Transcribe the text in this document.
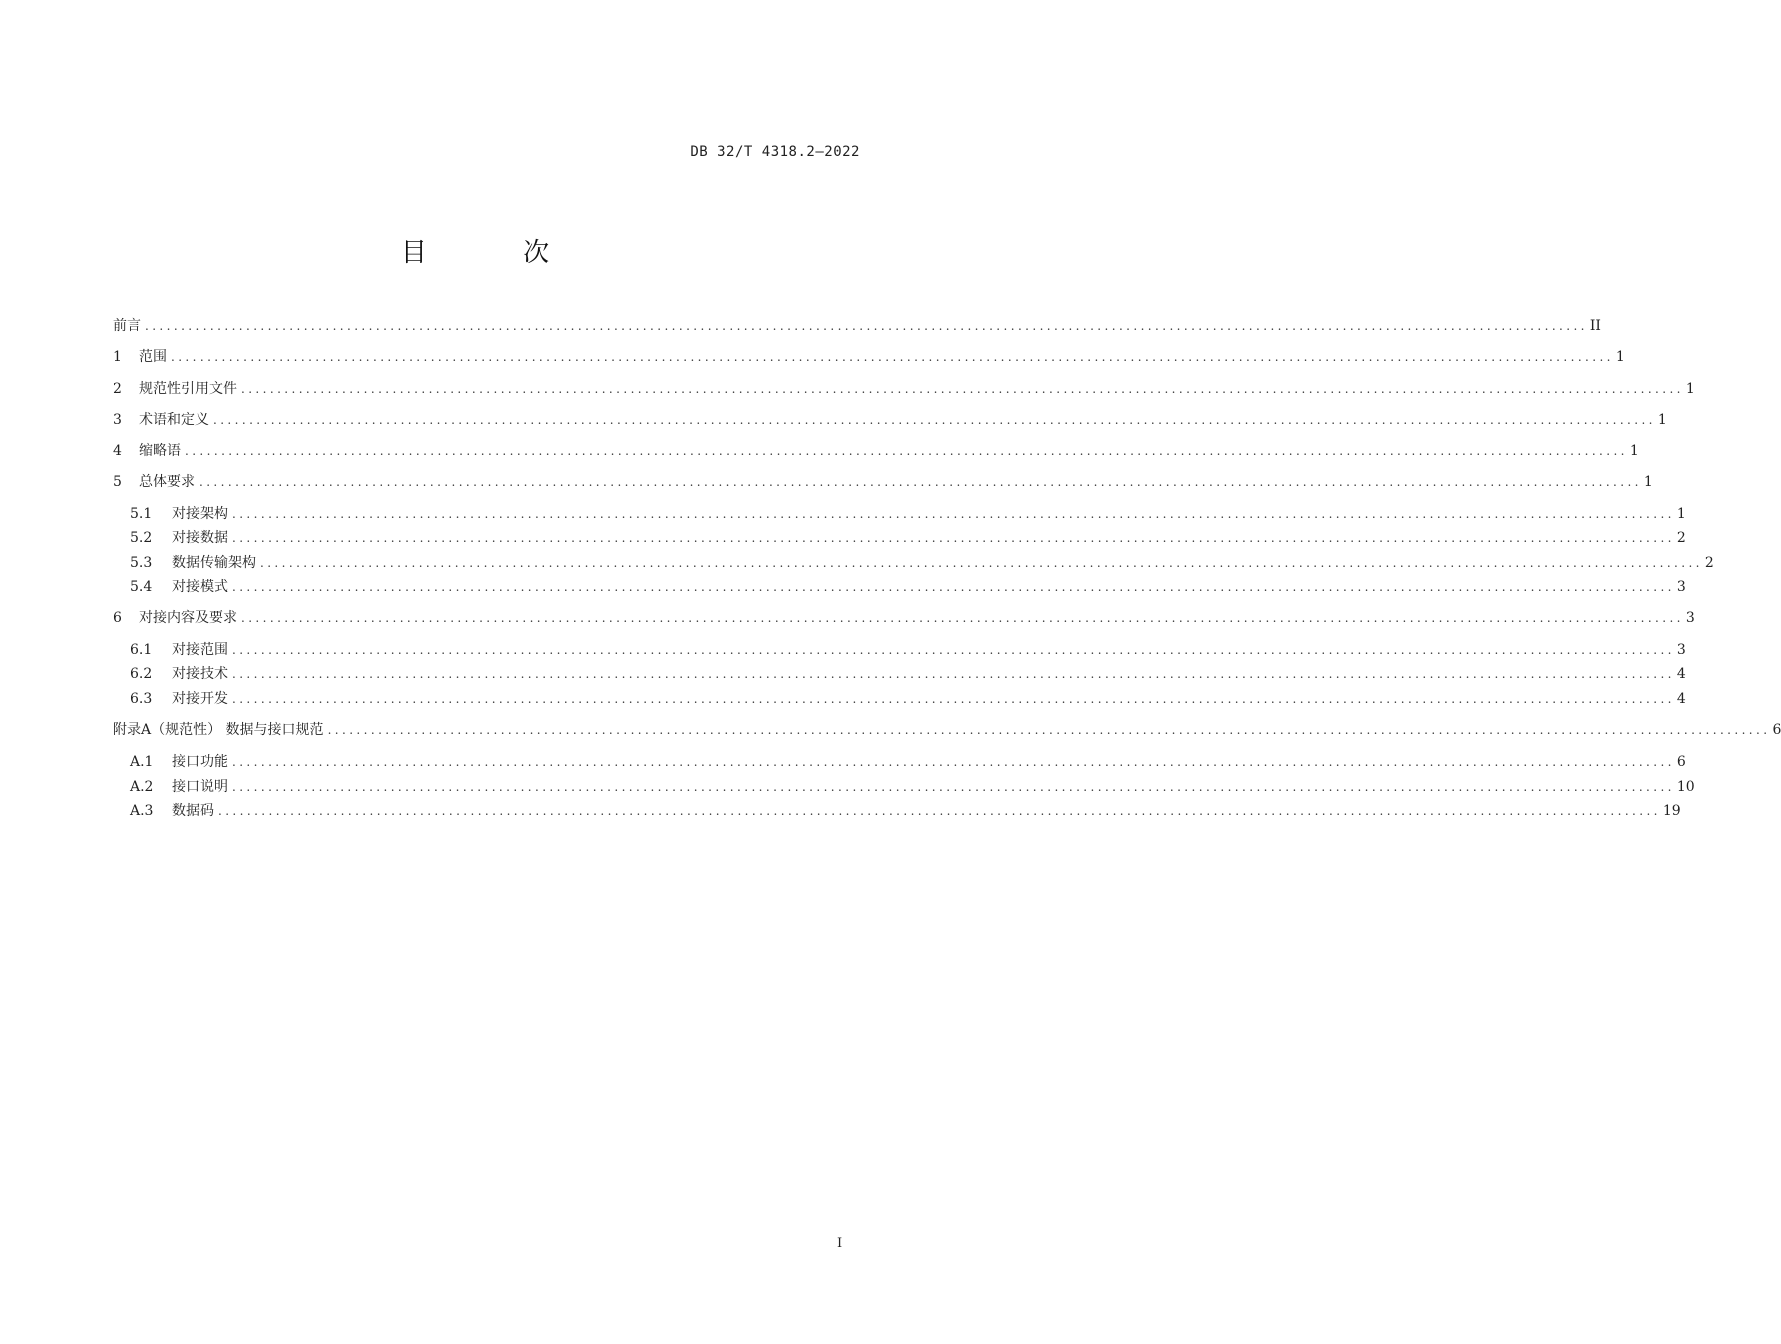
DB 32/T 4318.2—2022
目 次
前言 ........................................................................................................................................................................................................ II
1	范围 ........................................................................................................................................................................................................ 1
2	规范性引用文件 ........................................................................................................................................................................................................ 1
3	术语和定义 ........................................................................................................................................................................................................ 1
4	缩略语 ........................................................................................................................................................................................................ 1
5	总体要求 ........................................................................................................................................................................................................ 1
5.1	对接架构 ........................................................................................................................................................................................................ 1
5.2	对接数据 ........................................................................................................................................................................................................ 2
5.3	数据传输架构 ........................................................................................................................................................................................................ 2
5.4	对接模式 ........................................................................................................................................................................................................ 3
6	对接内容及要求 ........................................................................................................................................................................................................ 3
6.1	对接范围 ........................................................................................................................................................................................................ 3
6.2	对接技术 ........................................................................................................................................................................................................ 4
6.3	对接开发 ........................................................................................................................................................................................................ 4
附录A（规范性） 数据与接口规范 ........................................................................................................................................................................................................ 6
A.1	接口功能 ........................................................................................................................................................................................................ 6
A.2	接口说明 ........................................................................................................................................................................................................ 10
A.3	数据码 ........................................................................................................................................................................................................ 19
I
